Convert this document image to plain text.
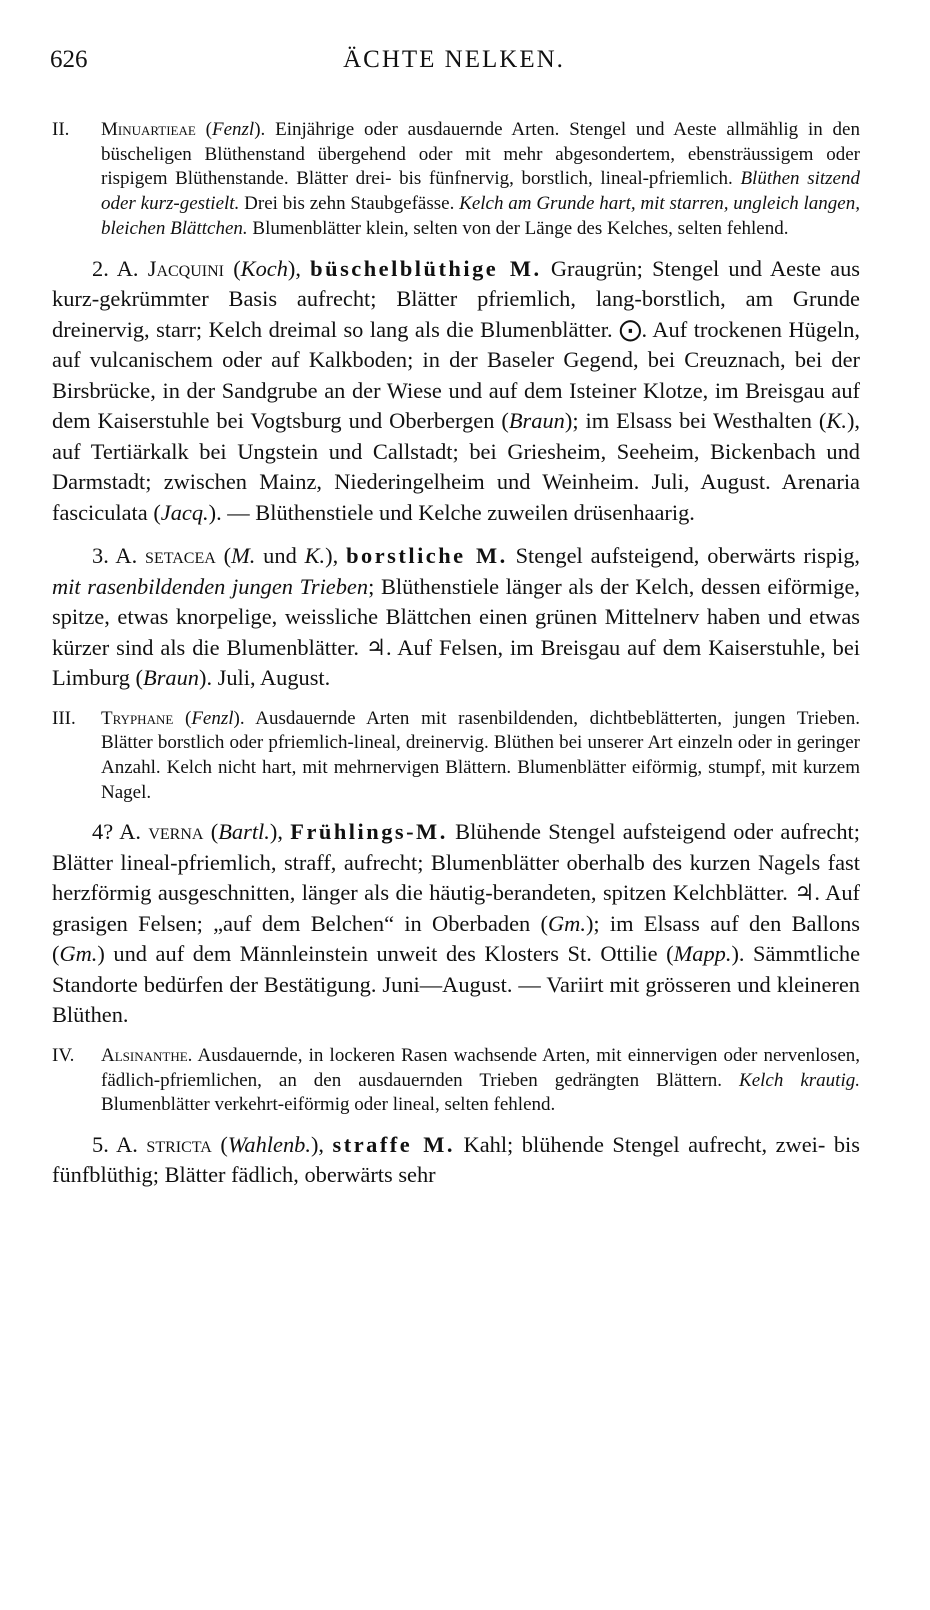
626	ÄCHTE NELKEN.

II. Minuartieae (Fenzl). Einjährige oder ausdauernde Arten. Stengel und Aeste allmählig in den büscheligen Blüthenstand übergehend oder mit mehr abgesondertem, ebensträussigem oder rispigem Blüthenstande. Blätter drei- bis fünfnervig, borstlich, lineal-pfriemlich. Blüthen sitzend oder kurz-gestielt. Drei bis zehn Staubgefässe. Kelch am Grunde hart, mit starren, ungleich langen, bleichen Blättchen. Blumenblätter klein, selten von der Länge des Kelches, selten fehlend.

2. A. Jacquini (Koch), büschelblüthige M. Graugrün; Stengel und Aeste aus kurz-gekrümmter Basis aufrecht; Blätter pfriemlich, lang-borstlich, am Grunde dreinervig, starr; Kelch dreimal so lang als die Blumenblätter. ⨀. Auf trockenen Hügeln, auf vulcanischem oder auf Kalkboden; in der Baseler Gegend, bei Creuznach, bei der Birsbrücke, in der Sandgrube an der Wiese und auf dem Isteiner Klotze, im Breisgau auf dem Kaiserstuhle bei Vogtsburg und Oberbergen (Braun); im Elsass bei Westhalten (K.), auf Tertiärkalk bei Ungstein und Callstadt; bei Griesheim, Seeheim, Bickenbach und Darmstadt; zwischen Mainz, Niederingelheim und Weinheim. Juli, August. Arenaria fasciculata (Jacq.). — Blüthenstiele und Kelche zuweilen drüsenhaarig.

3. A. setacea (M. und K.), borstliche M. Stengel aufsteigend, oberwärts rispig, mit rasenbildenden jungen Trieben; Blüthenstiele länger als der Kelch, dessen eiförmige, spitze, etwas knorpelige, weissliche Blättchen einen grünen Mittelnerv haben und etwas kürzer sind als die Blumenblätter. ♃. Auf Felsen, im Breisgau auf dem Kaiserstuhle, bei Limburg (Braun). Juli, August.

III. Tryphane (Fenzl). Ausdauernde Arten mit rasenbildenden, dichtbeblätterten, jungen Trieben. Blätter borstlich oder pfriemlich-lineal, dreinervig. Blüthen bei unserer Art einzeln oder in geringer Anzahl. Kelch nicht hart, mit mehrnervigen Blättern. Blumenblätter eiförmig, stumpf, mit kurzem Nagel.

4? A. verna (Bartl.), Frühlings-M. Blühende Stengel aufsteigend oder aufrecht; Blätter lineal-pfriemlich, straff, aufrecht; Blumenblätter oberhalb des kurzen Nagels fast herzförmig ausgeschnitten, länger als die häutig-berandeten, spitzen Kelchblätter. ♃. Auf grasigen Felsen; „auf dem Belchen“ in Oberbaden (Gm.); im Elsass auf den Ballons (Gm.) und auf dem Männleinstein unweit des Klosters St. Ottilie (Mapp.). Sämmtliche Standorte bedürfen der Bestätigung. Juni—August. — Variirt mit grösseren und kleineren Blüthen.

IV. Alsinanthe. Ausdauernde, in lockeren Rasen wachsende Arten, mit einnervigen oder nervenlosen, fädlich-pfriemlichen, an den ausdauernden Trieben gedrängten Blättern. Kelch krautig. Blumenblätter verkehrt-eiförmig oder lineal, selten fehlend.

5. A. stricta (Wahlenb.), straffe M. Kahl; blühende Stengel aufrecht, zwei- bis fünfblüthig; Blätter fädlich, oberwärts sehr
